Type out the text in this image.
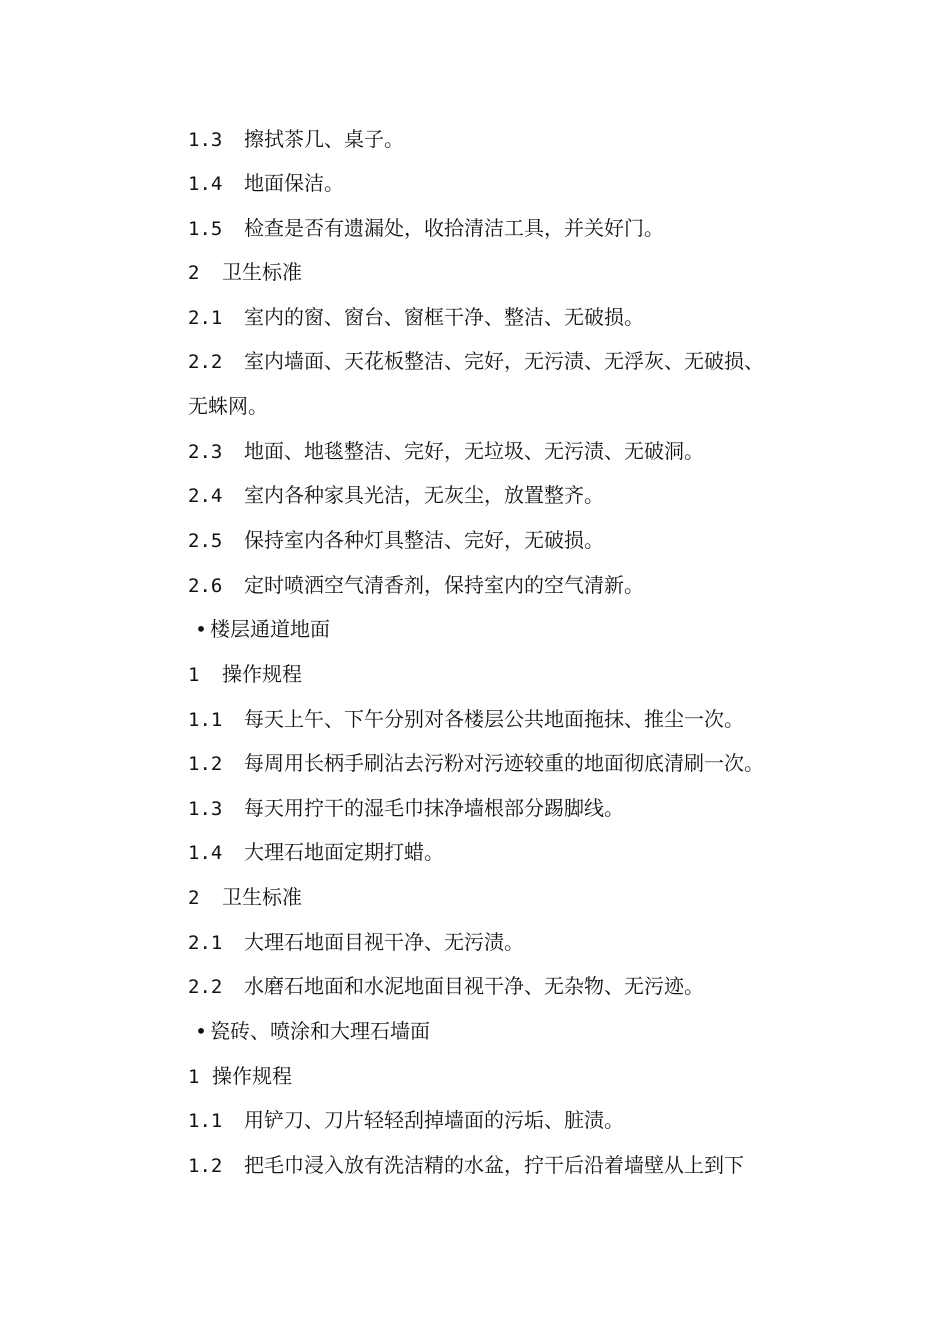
1.3 擦拭茶几、桌子。
1.4 地面保洁。
1.5 检查是否有遗漏处，收拾清洁工具，并关好门。
2 卫生标准
2.1 室内的窗、窗台、窗框干净、整洁、无破损。
2.2 室内墙面、天花板整洁、完好，无污渍、无浮灰、无破损、
无蛛网。
2.3 地面、地毯整洁、完好，无垃圾、无污渍、无破洞。
2.4 室内各种家具光洁，无灰尘，放置整齐。
2.5 保持室内各种灯具整洁、完好，无破损。
2.6 定时喷洒空气清香剂，保持室内的空气清新。
• 楼层通道地面
1 操作规程
1.1 每天上午、下午分别对各楼层公共地面拖抹、推尘一次。
1.2 每周用长柄手刷沾去污粉对污迹较重的地面彻底清刷一次。
1.3 每天用拧干的湿毛巾抹净墙根部分踢脚线。
1.4 大理石地面定期打蜡。
2 卫生标准
2.1 大理石地面目视干净、无污渍。
2.2 水磨石地面和水泥地面目视干净、无杂物、无污迹。
• 瓷砖、喷涂和大理石墙面
1 操作规程
1.1 用铲刀、刀片轻轻刮掉墙面的污垢、脏渍。
1.2 把毛巾浸入放有洗洁精的水盆，拧干后沿着墙壁从上到下
